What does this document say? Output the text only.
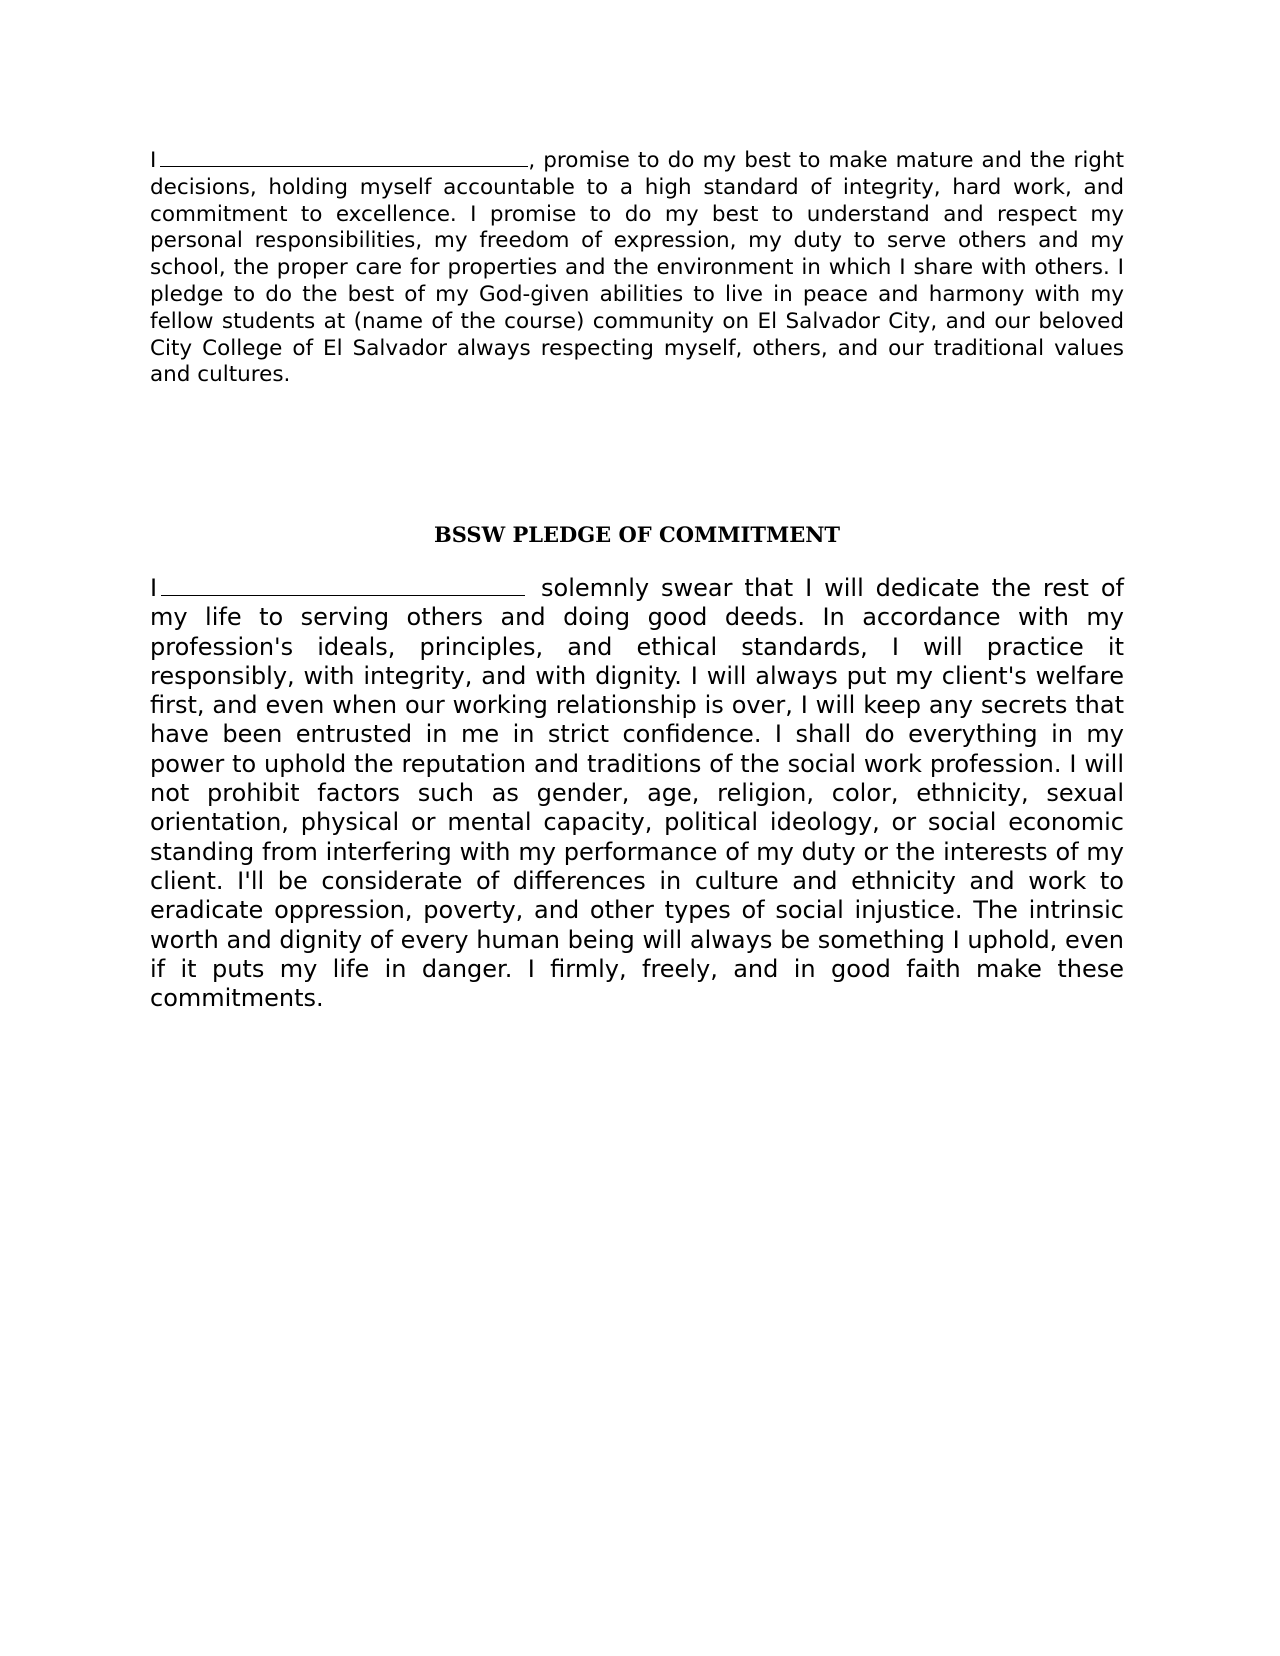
I	, promise to do my best to make mature and the right decisions, holding myself accountable to a high standard of integrity, hard work, and commitment to excellence. I promise to do my best to understand and respect my personal responsibilities, my freedom of expression, my duty to serve others and my school, the proper care for properties and the environment in which I share with others. I pledge to do the best of my God-given abilities to live in peace and harmony with my fellow students at (name of the course) community on El Salvador City, and our beloved City College of El Salvador always respecting myself, others, and our traditional values and cultures.

BSSW PLEDGE OF COMMITMENT

I	solemnly swear that I will dedicate the rest of my life to serving others and doing good deeds. In accordance with my profession's ideals, principles, and ethical standards, I will practice it responsibly, with integrity, and with dignity. I will always put my client's welfare first, and even when our working relationship is over, I will keep any secrets that have been entrusted in me in strict confidence. I shall do everything in my power to uphold the reputation and traditions of the social work profession. I will not prohibit factors such as gender, age, religion, color, ethnicity, sexual orientation, physical or mental capacity, political ideology, or social economic standing from interfering with my performance of my duty or the interests of my client. I'll be considerate of differences in culture and ethnicity and work to eradicate oppression, poverty, and other types of social injustice. The intrinsic worth and dignity of every human being will always be something I uphold, even if it puts my life in danger. I firmly, freely, and in good faith make these commitments.
